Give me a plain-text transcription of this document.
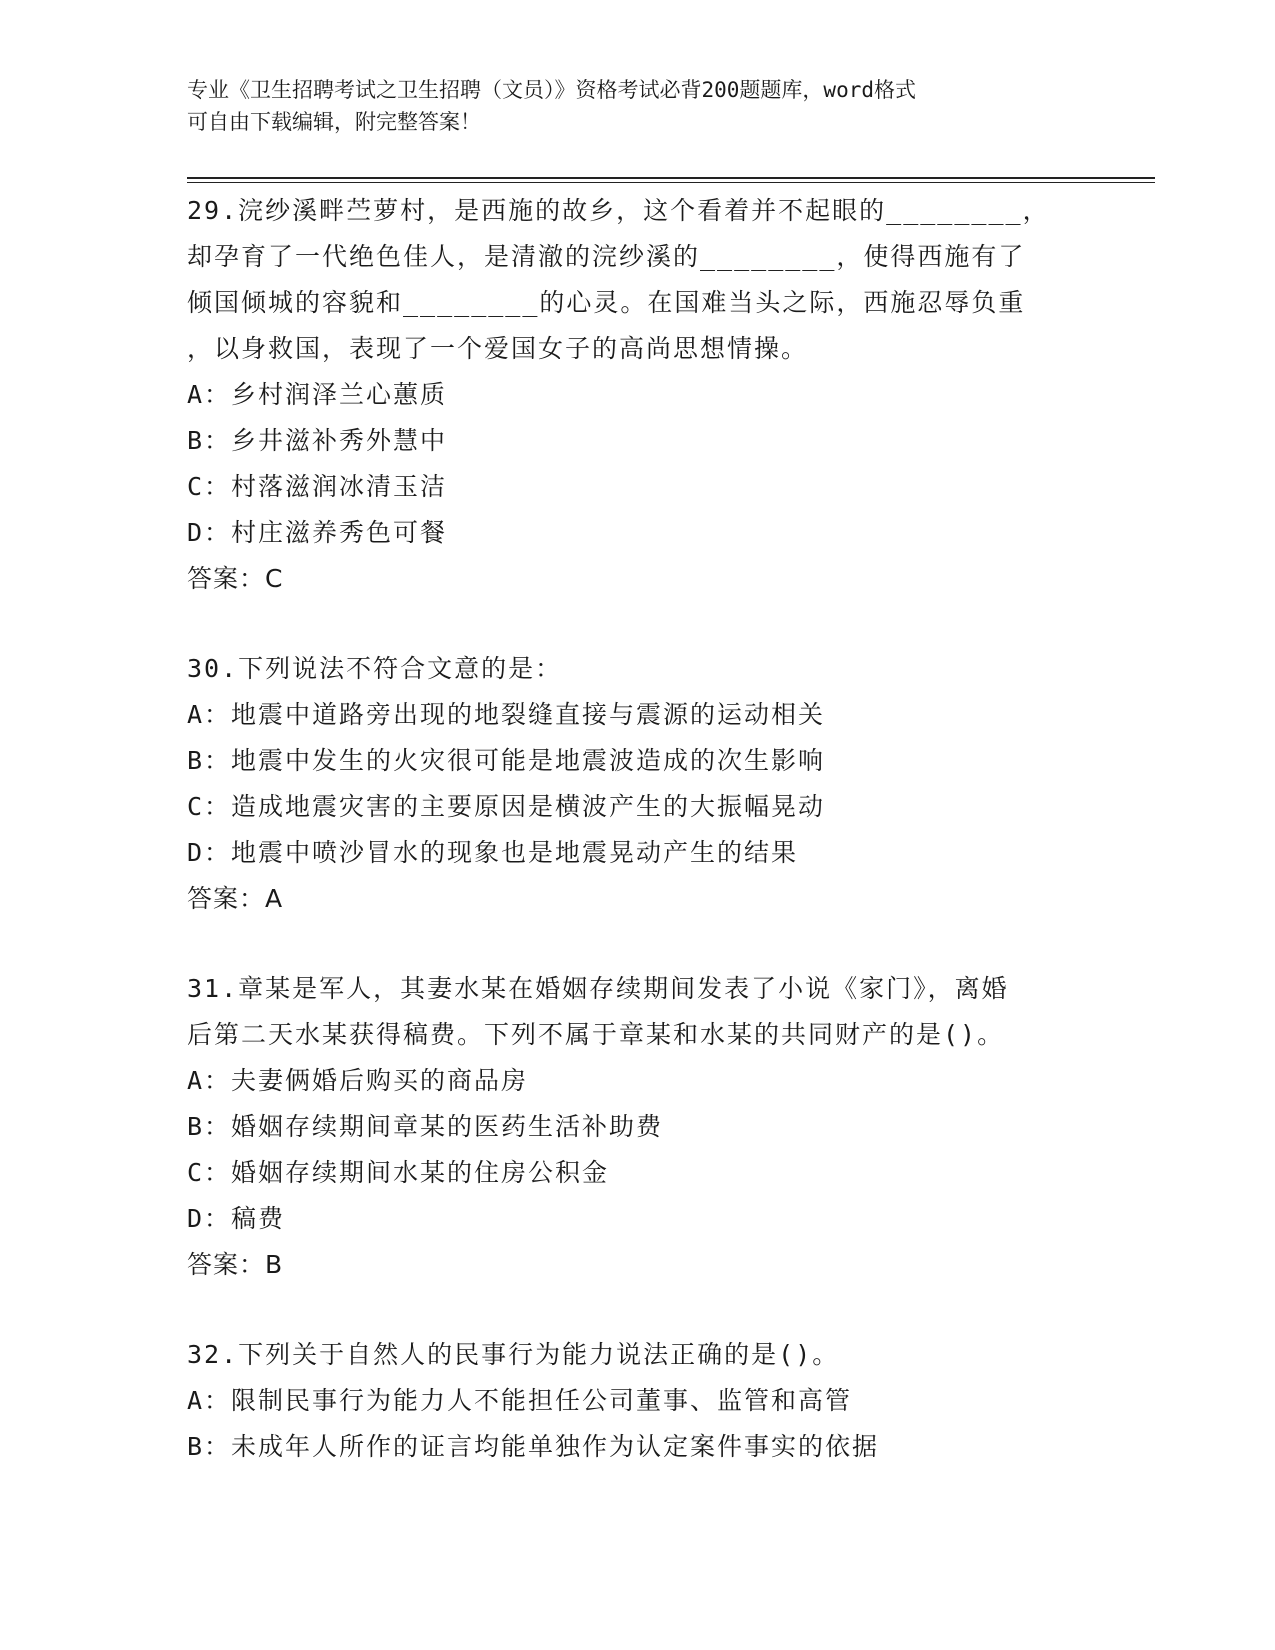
专业《卫生招聘考试之卫生招聘（文员）》资格考试必背200题题库，word格式
可自由下载编辑，附完整答案！
29.浣纱溪畔苎萝村，是西施的故乡，这个看着并不起眼的________，
却孕育了一代绝色佳人，是清澈的浣纱溪的________，使得西施有了
倾国倾城的容貌和________的心灵。在国难当头之际，西施忍辱负重
，以身救国，表现了一个爱国女子的高尚思想情操。
A：乡村润泽兰心蕙质
B：乡井滋补秀外慧中
C：村落滋润冰清玉洁
D：村庄滋养秀色可餐
答案：C
30.下列说法不符合文意的是：
A：地震中道路旁出现的地裂缝直接与震源的运动相关
B：地震中发生的火灾很可能是地震波造成的次生影响
C：造成地震灾害的主要原因是横波产生的大振幅晃动
D：地震中喷沙冒水的现象也是地震晃动产生的结果
答案：A
31.章某是军人，其妻水某在婚姻存续期间发表了小说《家门》，离婚
后第二天水某获得稿费。下列不属于章某和水某的共同财产的是()。
A：夫妻俩婚后购买的商品房
B：婚姻存续期间章某的医药生活补助费
C：婚姻存续期间水某的住房公积金
D：稿费
答案：B
32.下列关于自然人的民事行为能力说法正确的是()。
A：限制民事行为能力人不能担任公司董事、监管和高管
B：未成年人所作的证言均能单独作为认定案件事实的依据
